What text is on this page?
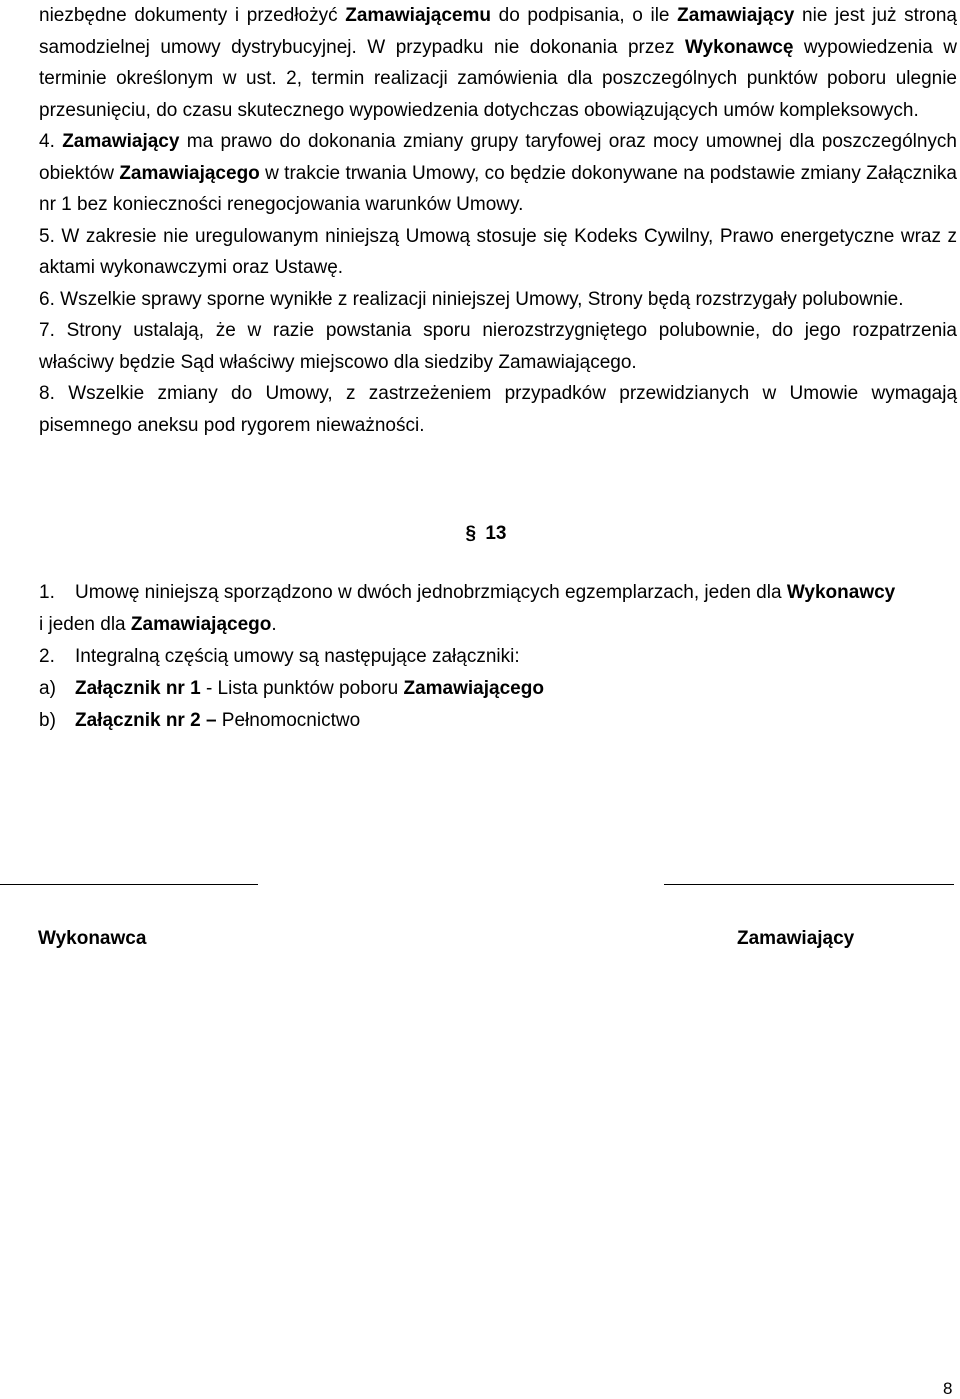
niezbędne dokumenty i przedłożyć Zamawiającemu do podpisania, o ile Zamawiający nie jest już stroną samodzielnej umowy dystrybucyjnej. W przypadku nie dokonania przez Wykonawcę wypowiedzenia w terminie określonym w ust. 2, termin realizacji zamówienia dla poszczególnych punktów poboru ulegnie przesunięciu, do czasu skutecznego wypowiedzenia dotychczas obowiązujących umów kompleksowych.

4. Zamawiający ma prawo do dokonania zmiany grupy taryfowej oraz mocy umownej dla poszczególnych obiektów Zamawiającego w trakcie trwania Umowy, co będzie dokonywane na podstawie zmiany Załącznika nr 1 bez konieczności renegocjowania warunków Umowy.

5. W zakresie nie uregulowanym niniejszą Umową stosuje się Kodeks Cywilny, Prawo energetyczne wraz z aktami wykonawczymi oraz Ustawę.

6. Wszelkie sprawy sporne wynikłe z realizacji niniejszej Umowy, Strony będą rozstrzygały polubownie.

7. Strony ustalają, że w razie powstania sporu nierozstrzygniętego polubownie, do jego rozpatrzenia właściwy będzie Sąd właściwy miejscowo dla siedziby Zamawiającego.

8. Wszelkie zmiany do Umowy, z zastrzeżeniem przypadków przewidzianych w Umowie wymagają pisemnego aneksu pod rygorem nieważności.

§ 13

1. Umowę niniejszą sporządzono w dwóch jednobrzmiących egzemplarzach, jeden dla Wykonawcy
i jeden dla Zamawiającego.

2. Integralną częścią umowy są następujące załączniki:

a) Załącznik nr 1 - Lista punktów poboru Zamawiającego

b) Załącznik nr 2 – Pełnomocnictwo

Wykonawca	Zamawiający
8
